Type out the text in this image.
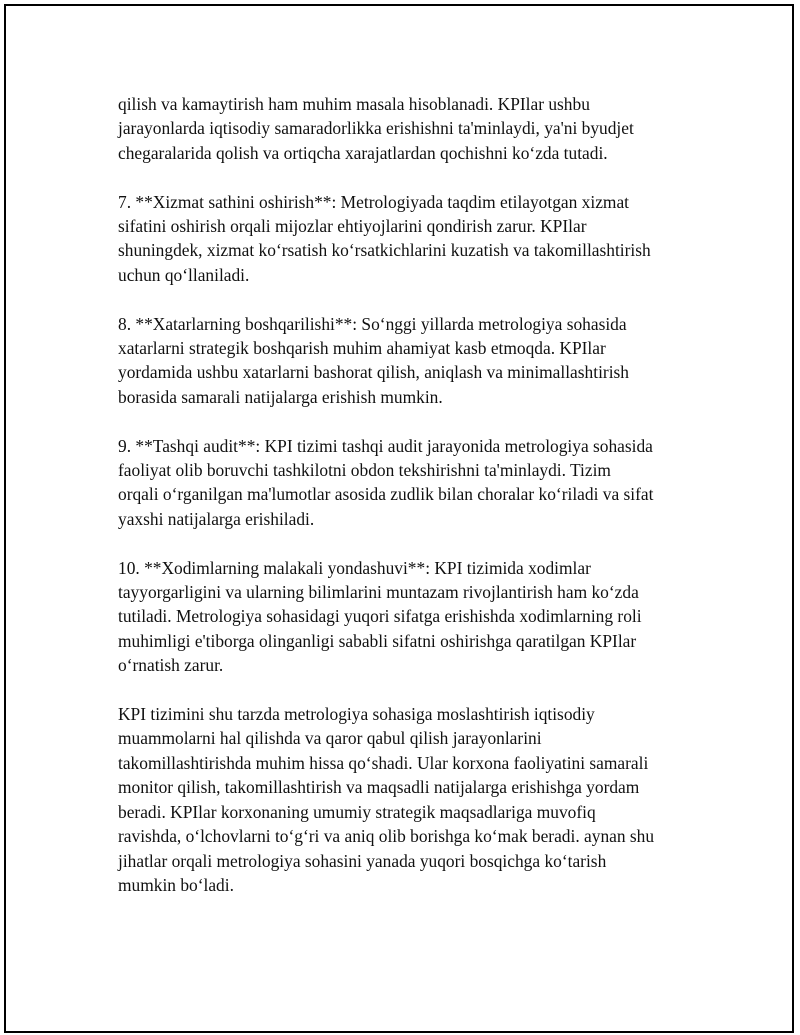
qilish va kamaytirish ham muhim masala hisoblanadi. KPIlar ushbu
jarayonlarda iqtisodiy samaradorlikka erishishni ta'minlaydi, ya'ni byudjet
chegaralarida qolish va ortiqcha xarajatlardan qochishni ko‘zda tutadi.

7. **Xizmat sathini oshirish**: Metrologiyada taqdim etilayotgan xizmat
sifatini oshirish orqali mijozlar ehtiyojlarini qondirish zarur. KPIlar
shuningdek, xizmat ko‘rsatish ko‘rsatkichlarini kuzatish va takomillashtirish
uchun qo‘llaniladi.

8. **Xatarlarning boshqarilishi**: So‘nggi yillarda metrologiya sohasida
xatarlarni strategik boshqarish muhim ahamiyat kasb etmoqda. KPIlar
yordamida ushbu xatarlarni bashorat qilish, aniqlash va minimallashtirish
borasida samarali natijalarga erishish mumkin.

9. **Tashqi audit**: KPI tizimi tashqi audit jarayonida metrologiya sohasida
faoliyat olib boruvchi tashkilotni obdon tekshirishni ta'minlaydi. Tizim
orqali o‘rganilgan ma'lumotlar asosida zudlik bilan choralar ko‘riladi va sifat
yaxshi natijalarga erishiladi.

10. **Xodimlarning malakali yondashuvi**: KPI tizimida xodimlar
tayyorgarligini va ularning bilimlarini muntazam rivojlantirish ham ko‘zda
tutiladi. Metrologiya sohasidagi yuqori sifatga erishishda xodimlarning roli
muhimligi e'tiborga olinganligi sababli sifatni oshirishga qaratilgan KPIlar
o‘rnatish zarur.

KPI tizimini shu tarzda metrologiya sohasiga moslashtirish iqtisodiy
muammolarni hal qilishda va qaror qabul qilish jarayonlarini
takomillashtirishda muhim hissa qo‘shadi. Ular korxona faoliyatini samarali
monitor qilish, takomillashtirish va maqsadli natijalarga erishishga yordam
beradi. KPIlar korxonaning umumiy strategik maqsadlariga muvofiq
ravishda, o‘lchovlarni to‘g‘ri va aniq olib borishga ko‘mak beradi. aynan shu
jihatlar orqali metrologiya sohasini yanada yuqori bosqichga ko‘tarish
mumkin bo‘ladi.
